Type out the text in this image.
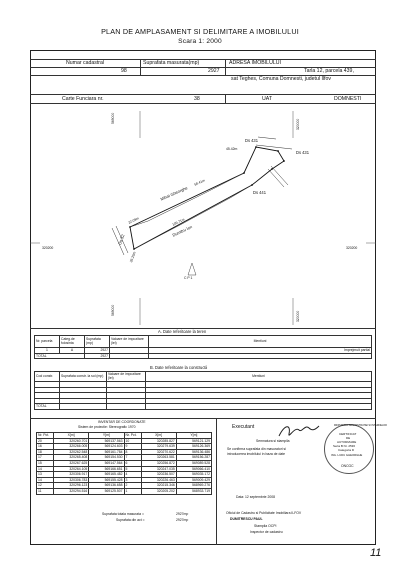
PLAN DE AMPLASAMENT SI DELIMITARE A IMOBILULUI
Scara 1: 2000
Numar cadastral	Suprafata masurata(mp)	ADRESA IMOBILULUI
98	2927	Tarla 12, parcela 439,
sat Teghes, Comuna Domnesti, judetul Ilfov
Carte Funciara nr.	38	UAT	DOMNESTI
569000
320000
320200	320200
569000
320000
Ds 431
Ds 431
Ds 441
Ds 32
Mihai Gheorghe
Dumitru Ion
45.42m
58.41m
109.71m
22.09m
26.25m
C P 1
A. Date referitoare la teren
Nr. parcela	Categ.de folosinta	Suprafata (mp)	Valoare de impozitare (lei)	Mentiuni
1	A	2927		Imprejmuit partial
TOTAL		2927		
B. Date referitoare la constructii
Cod constr.	Suprafata constr. la sol (mp)	Valoare de impozitare (lei)	Mentiuni

TOTAL			
INVENTAR DE COORDONATE
Sistem de proiectie: Stereografic 1970
Nr. Pct.	X[m]	Y[m]	Nr. Pct.	X[m]	Y[m]
20	320260.701	569137.563	10	320285.827	569121.129
16	320266.005	569124.603	9	320279.639	569126.369
18	320262.548	569161.784	8	320270.622	569136.486
17	320265.408	569154.530	7	320263.581	569156.287
15	320267.625	569147.564	6	320256.872	569089.528
14	320264.105	569166.651	5	320247.035	569066.410
13	320306.917	569165.482	4	320236.507	569035.172
14	320306.783	569155.428	3	320226.463	569009.429
12	320296.123	569136.658	2	320215.346	568969.276
11	320294.516	569125.507	1	320205.202	568933.719
Suprafata totala masurata =	2927mp
Suprafata din act =	2927mp
Executant
Semnatura si stampila
Se confirma suprafata din masuratori si
introducerea imobilului in baza de date
Data: 12 septembrie 2008
Oficiul de Cadastru si Publicitate Imobiliara ILFOV
DUMITRESCU PAUL
Stampila OCPI
Inspector de cadastru
MINISTERUL ADMINISTRATIEI SI INTERNELOR
CERTIFICAT
DE
AUTORIZARE
Seria B Nr. 2536
Categoria D
ING. LUDU GHEORGHE
ONCGC
11
